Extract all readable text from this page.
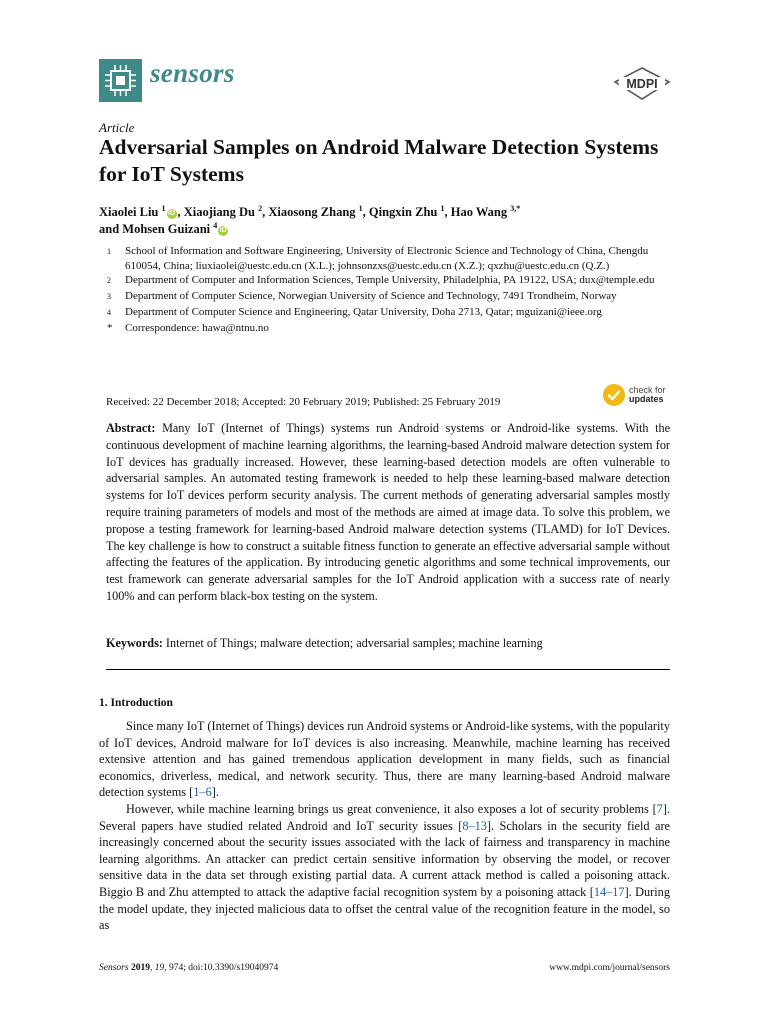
sensors	MDPI
Article
Adversarial Samples on Android Malware Detection Systems for IoT Systems
Xiaolei Liu $^1$iD , Xiaojiang Du $^2$, Xiaosong Zhang $^1$, Qingxin Zhu $^1$, Hao Wang $^{3,*}$
and Mohsen Guizani $^4$iD
1	School of Information and Software Engineering, University of Electronic Science and Technology of China, Chengdu 610054, China; liuxiaolei@uestc.edu.cn (X.L.); johnsonzxs@uestc.edu.cn (X.Z.); qxzhu@uestc.edu.cn (Q.Z.)
2	Department of Computer and Information Sciences, Temple University, Philadelphia, PA 19122, USA; dux@temple.edu
3	Department of Computer Science, Norwegian University of Science and Technology, 7491 Trondheim, Norway
4	Department of Computer Science and Engineering, Qatar University, Doha 2713, Qatar; mguizani@ieee.org
*	Correspondence: hawa@ntnu.no
Received: 22 December 2018; Accepted: 20 February 2019; Published: 25 February 2019
check for
updates
Abstract: Many IoT (Internet of Things) systems run Android systems or Android-like systems. With the continuous development of machine learning algorithms, the learning-based Android malware detection system for IoT devices has gradually increased. However, these learning-based detection models are often vulnerable to adversarial samples. An automated testing framework is needed to help these learning-based malware detection systems for IoT devices perform security analysis. The current methods of generating adversarial samples mostly require training parameters of models and most of the methods are aimed at image data. To solve this problem, we propose a testing framework for learning-based Android malware detection systems (TLAMD) for IoT Devices. The key challenge is how to construct a suitable fitness function to generate an effective adversarial sample without affecting the features of the application. By introducing genetic algorithms and some technical improvements, our test framework can generate adversarial samples for the IoT Android application with a success rate of nearly 100% and can perform black-box testing on the system.
Keywords: Internet of Things; malware detection; adversarial samples; machine learning
1. Introduction

Since many IoT (Internet of Things) devices run Android systems or Android-like systems, with the popularity of IoT devices, Android malware for IoT devices is also increasing. Meanwhile, machine learning has received extensive attention and has gained tremendous application development in many fields, such as financial economics, driverless, medical, and network security. Thus, there are many learning-based Android malware detection systems [1–6].

However, while machine learning brings us great convenience, it also exposes a lot of security problems [7]. Several papers have studied related Android and IoT security issues [8–13]. Scholars in the security field are increasingly concerned about the security issues associated with the lack of fairness and transparency in machine learning algorithms. An attacker can predict certain sensitive information by observing the model, or recover sensitive data in the data set through existing partial data. A current attack method is called a poisoning attack. Biggio B and Zhu attempted to attack the adaptive facial recognition system by a poisoning attack [14–17]. During the model update, they injected malicious data to offset the central value of the recognition feature in the model, so as

Sensors 2019, 19, 974; doi:10.3390/s19040974	www.mdpi.com/journal/sensors
